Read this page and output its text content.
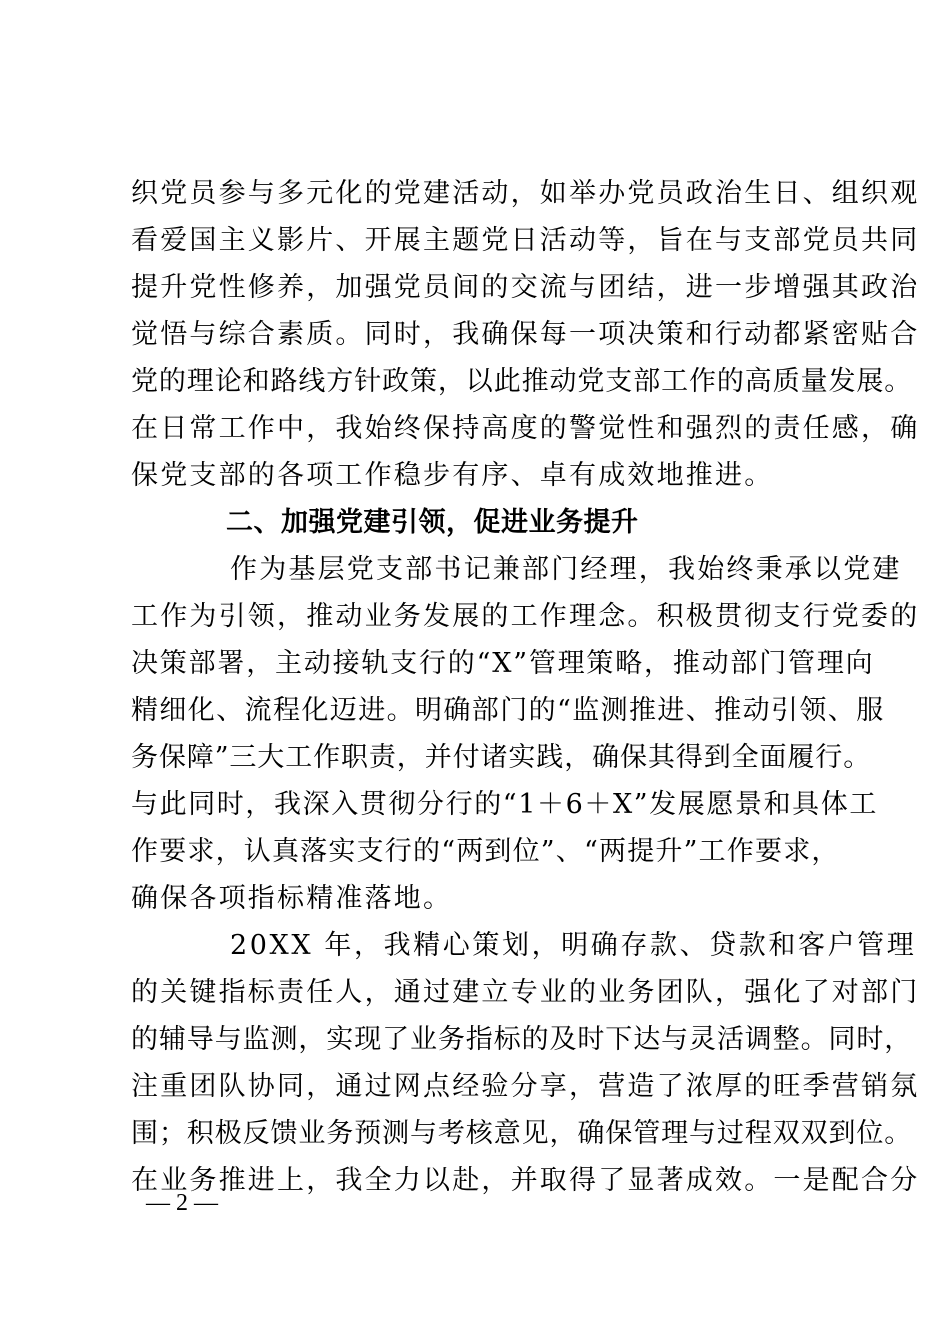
织党员参与多元化的党建活动，如举办党员政治生日、组织观
看爱国主义影片、开展主题党日活动等，旨在与支部党员共同
提升党性修养，加强党员间的交流与团结，进一步增强其政治
觉悟与综合素质。同时，我确保每一项决策和行动都紧密贴合
党的理论和路线方针政策，以此推动党支部工作的高质量发展。
在日常工作中，我始终保持高度的警觉性和强烈的责任感，确
保党支部的各项工作稳步有序、卓有成效地推进。
二、加强党建引领，促进业务提升
作为基层党支部书记兼部门经理，我始终秉承以党建
工作为引领，推动业务发展的工作理念。积极贯彻支行党委的
决策部署，主动接轨支行的“X”管理策略，推动部门管理向
精细化、流程化迈进。明确部门的“监测推进、推动引领、服
务保障”三大工作职责，并付诸实践，确保其得到全面履行。
与此同时，我深入贯彻分行的“1＋6＋X”发展愿景和具体工
作要求，认真落实支行的“两到位”、“两提升”工作要求，
确保各项指标精准落地。
20XX 年，我精心策划，明确存款、贷款和客户管理
的关键指标责任人，通过建立专业的业务团队，强化了对部门
的辅导与监测，实现了业务指标的及时下达与灵活调整。同时，
注重团队协同，通过网点经验分享，营造了浓厚的旺季营销氛
围；积极反馈业务预测与考核意见，确保管理与过程双双到位。
在业务推进上，我全力以赴，并取得了显著成效。一是配合分
— 2 —
